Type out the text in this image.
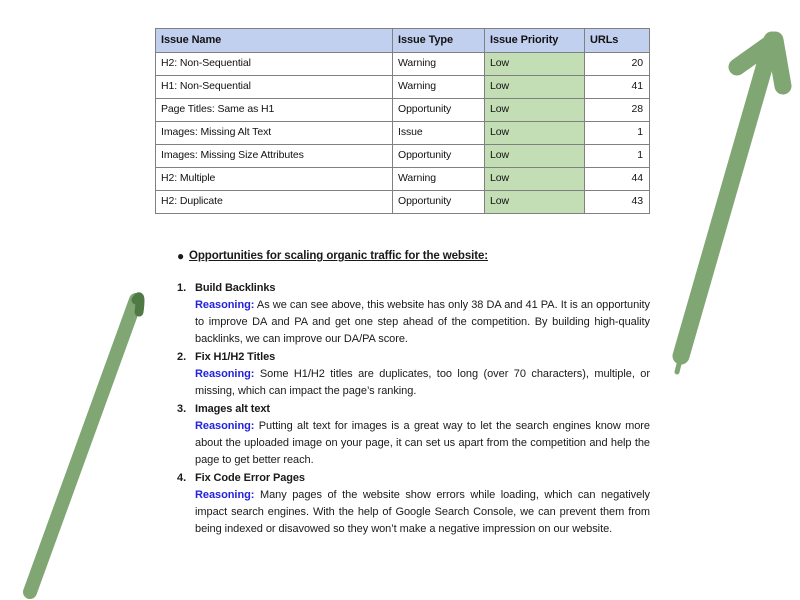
Issue Name	Issue Type	Issue Priority	URLs
H2: Non-Sequential	Warning	Low	20
H1: Non-Sequential	Warning	Low	41
Page Titles: Same as H1	Opportunity	Low	28
Images: Missing Alt Text	Issue	Low	1
Images: Missing Size Attributes	Opportunity	Low	1
H2: Multiple	Warning	Low	44
H2: Duplicate	Opportunity	Low	43
● Opportunities for scaling organic traffic for the website:
1. Build Backlinks
Reasoning: As we can see above, this website has only 38 DA and 41 PA. It is an opportunity to improve DA and PA and get one step ahead of the competition. By building high-quality backlinks, we can improve our DA/PA score.
2. Fix H1/H2 Titles
Reasoning: Some H1/H2 titles are duplicates, too long (over 70 characters), multiple, or missing, which can impact the page’s ranking.
3. Images alt text
Reasoning: Putting alt text for images is a great way to let the search engines know more about the uploaded image on your page, it can set us apart from the competition and help the page to get better reach.
4. Fix Code Error Pages
Reasoning: Many pages of the website show errors while loading, which can negatively impact search engines. With the help of Google Search Console, we can prevent them from being indexed or disavowed so they won’t make a negative impression on our website.
